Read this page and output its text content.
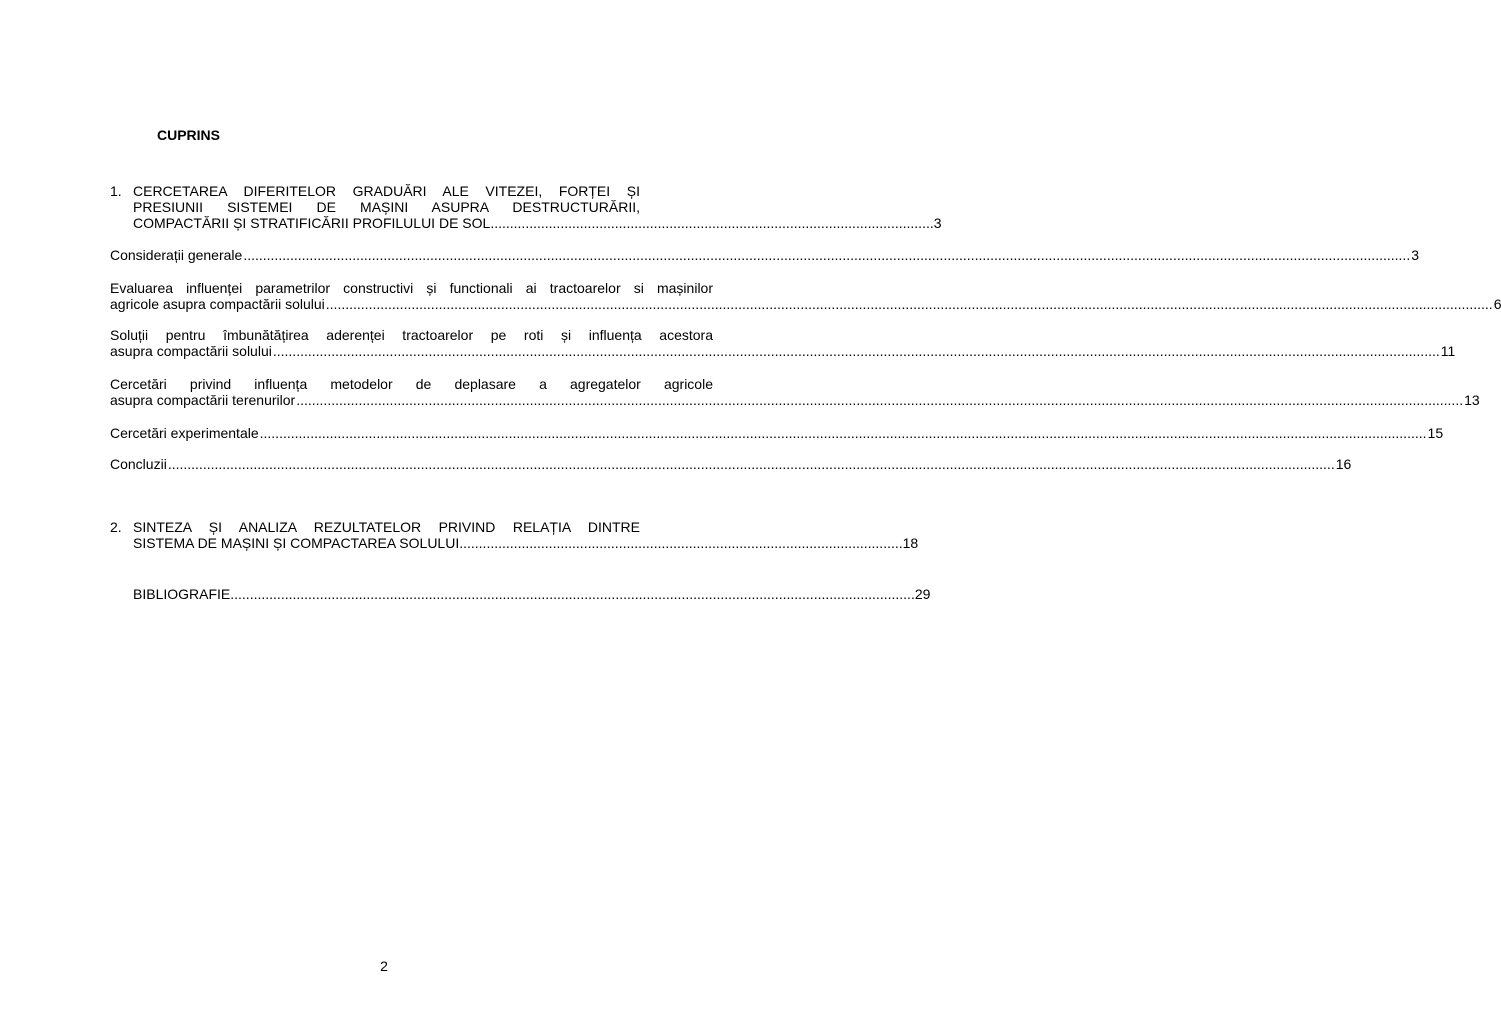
CUPRINS
1. CERCETAREA DIFERITELOR GRADUĂRI ALE VITEZEI, FORȚEI ȘI
PRESIUNII SISTEMEI DE MAȘINI ASUPRA DESTRUCTURĂRII,
COMPACTĂRII ȘI STRATIFICĂRII PROFILULUI DE SOL .................................................................................................................. 3
Considerații generale .....	3
Evaluarea influenței parametrilor constructivi și functionali ai tractoarelor si mașinilor
agricole asupra compactării solului .....	6
Soluții pentru îmbunătățirea aderenței tractoarelor pe roti și influența acestora
asupra compactării solului .....	11
Cercetări privind influența metodelor de deplasare a agregatelor agricole
asupra compactării terenurilor .....	13
Cercetări experimentale .....	15
Concluzii .....	16
2. SINTEZA ȘI ANALIZA REZULTATELOR PRIVIND RELAȚIA DINTRE
SISTEMA DE MAȘINI ȘI COMPACTAREA SOLULUI .................................................................................................................. 18
BIBLIOGRAFIE ................................................................................................................................................................................ 29
2
